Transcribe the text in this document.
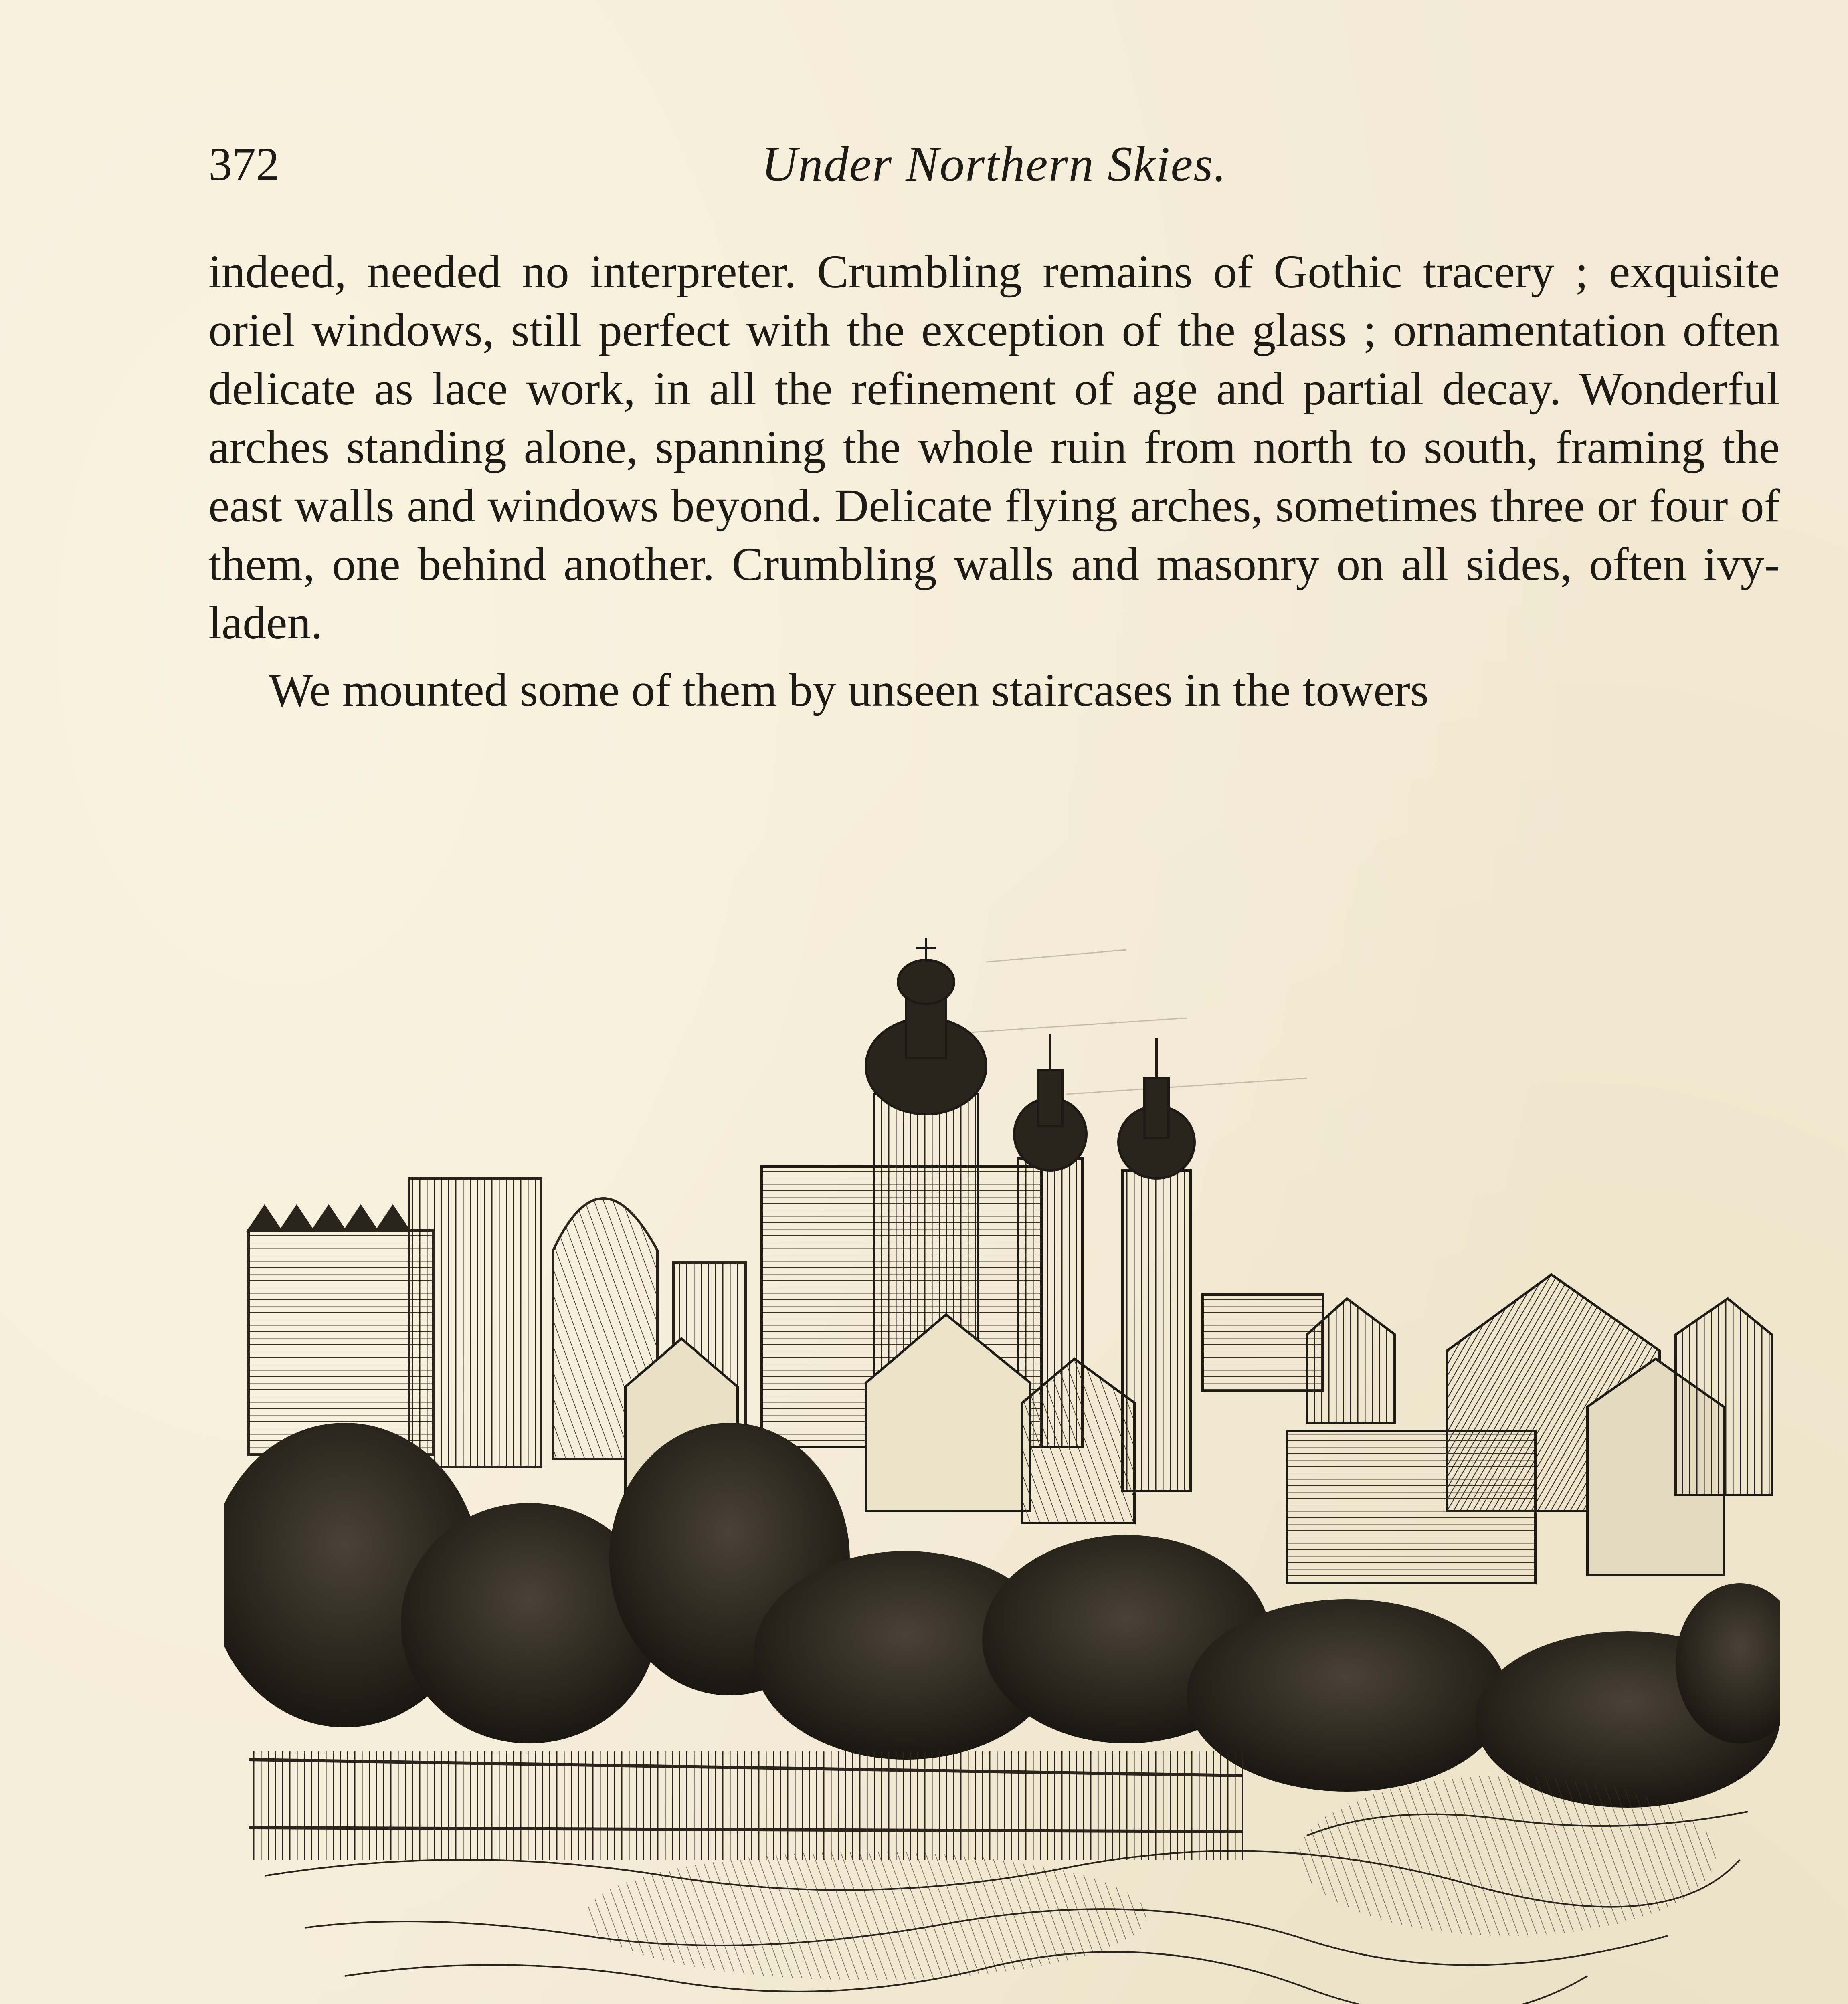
372	Under Northern Skies.

indeed, needed no interpreter. Crumbling remains of Gothic tracery ; exquisite oriel windows, still perfect with the exception of the glass ; ornamentation often delicate as lace work, in all the refinement of age and partial decay. Wonderful arches standing alone, spanning the whole ruin from north to south, framing the east walls and windows beyond. Delicate flying arches, sometimes three or four of them, one behind another. Crumbling walls and masonry on all sides, often ivy-laden.

We mounted some of them by unseen staircases in the towers
